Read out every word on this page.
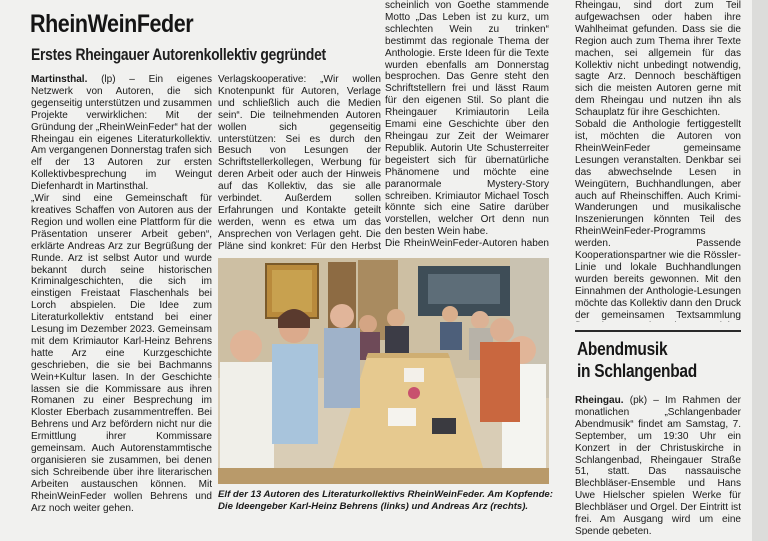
RheinWeinFeder
Erstes Rheingauer Autorenkollektiv gegründet

Martinsthal. (lp) – Ein eigenes Netzwerk von Autoren, die sich gegenseitig unterstützen und zusammen Projekte verwirklichen: Mit der Gründung der „RheinWeinFeder“ hat der Rheingau ein eigenes Literaturkollektiv. Am vergangenen Donnerstag trafen sich elf der 13 Autoren zur ersten Kollektivbesprechung im Weingut Diefenhardt in Martinsthal.

„Wir sind eine Gemeinschaft für kreatives Schaffen von Autoren aus der Region und wollen eine Plattform für die Präsentation unserer Arbeit geben“, erklärte Andreas Arz zur Begrüßung der Runde. Arz ist selbst Autor und wurde bekannt durch seine historischen Kriminalgeschichten, die sich im einstigen Freistaat Flaschenhals bei Lorch abspielen. Die Idee zum Literaturkollektiv entstand bei einer Lesung im Dezember 2023. Gemeinsam mit dem Krimiautor Karl-Heinz Behrens hatte Arz eine Kurzgeschichte geschrieben, die sie bei Bachmanns Wein+Kultur lasen. In der Geschichte lassen sie die Kommissare aus ihren Romanen zu einer Besprechung im Kloster Eberbach zusammentreffen. Bei Behrens und Arz befördern nicht nur die Ermittlung ihrer Kommissare gemeinsam. Auch Autorenstammtische organisieren sie zusammen, bei denen sich Schreibende über ihre literarischen Arbeiten austauschen können. Mit RheinWeinFeder wollen Behrens und Arz noch weiter gehen.

Verlagskooperative: „Wir wollen Knotenpunkt für Autoren, Verlage und schließlich auch die Medien sein“. Die teilnehmenden Autoren wollen sich gegenseitig unterstützen: Sei es durch den Besuch von Lesungen der Schriftstellerkollegen, Werbung für deren Arbeit oder auch der Hinweis auf das Kollektiv, das sie alle verbindet. Außerdem sollen Erfahrungen und Kontakte geteilt werden, wenn es etwa um das Ansprechen von Verlagen geht. Die Pläne sind konkret: Für den Herbst

scheinlich von Goethe stammende Motto „Das Leben ist zu kurz, um schlechten Wein zu trinken“ bestimmt das regionale Thema der Anthologie. Erste Ideen für die Texte wurden ebenfalls am Donnerstag besprochen. Das Genre steht den Schriftstellern frei und lässt Raum für den eigenen Stil. So plant die Rheingauer Krimiautorin Leila Emami eine Geschichte über den Rheingau zur Zeit der Weimarer Republik. Autorin Ute Schusterreiter begeistert sich für übernatürliche Phänomene und möchte eine paranormale Mystery-Story schreiben. Krimiautor Michael Tosch könnte sich eine Satire darüber vorstellen, welcher Ort denn nun den besten Wein habe.

Die RheinWeinFeder-Autoren haben

Rheingau, sind dort zum Teil aufgewachsen oder haben ihre Wahlheimat gefunden. Dass sie die Region auch zum Thema ihrer Texte machen, sei allgemein für das Kollektiv nicht unbedingt notwendig, sagte Arz. Dennoch beschäftigen sich die meisten Autoren gerne mit dem Rheingau und nutzen ihn als Schauplatz für ihre Geschichten.

Sobald die Anthologie fertiggestellt ist, möchten die Autoren von RheinWeinFeder gemeinsame Lesungen veranstalten. Denkbar sei das abwechselnde Lesen in Weingütern, Buchhandlungen, aber auch auf Rheinschiffen. Auch Krimi-Wanderungen und musikalische Inszenierungen könnten Teil des RheinWeinFeder-Programms werden. Passende Kooperationspartner wie die Rössler-Linie und lokale Buchhandlungen wurden bereits gewonnen. Mit den Einnahmen der Anthologie-Lesungen möchte das Kollektiv dann den Druck der gemeinsamen Textsammlung

Abendmusik
in Schlangenbad

Rheingau. (pk) – Im Rahmen der monatlichen „Schlangenbader Abendmusik“ findet am Samstag, 7. September, um 19:30 Uhr ein Konzert in der Christuskirche in Schlangenbad, Rheingauer Straße 51, statt. Das nassauische Blechbläser-Ensemble und Hans Uwe Hielscher spielen Werke für Blechbläser und Orgel. Der Eintritt ist frei. Am Ausgang wird um eine Spende gebeten.

Elf der 13 Autoren des Literaturkollektivs RheinWeinFeder. Am Kopfende: Die Ideengeber Karl-Heinz Behrens (links) und Andreas Arz (rechts).
